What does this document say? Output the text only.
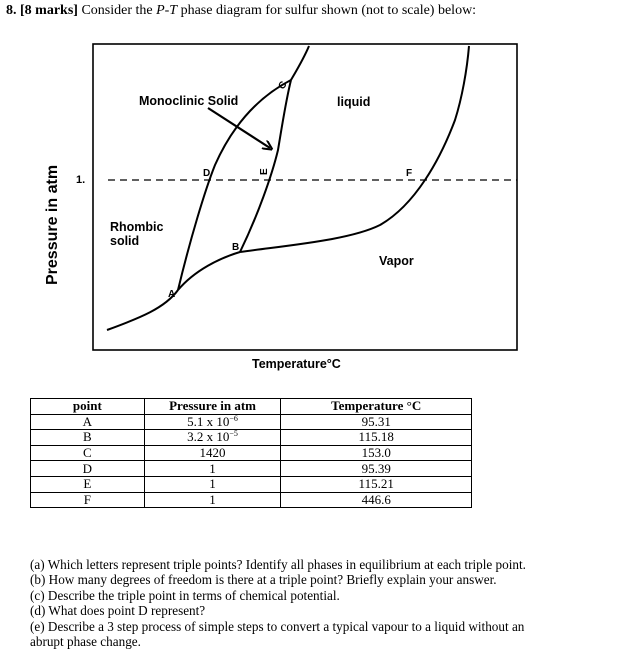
8. [8 marks] Consider the P-T phase diagram for sulfur shown (not to scale) below:
Monoclinic Solid	liquid
Rhombic
solid
Vapor
1.
C
D	E	F
B
A
Temperature°C
Pressure in atm
point	Pressure in atm	Temperature °C
A	5.1 x $10^{-6}$	95.31
B	3.2 x $10^{-5}$	115.18
C	1420	153.0
D	1	95.39
E	1	115.21
F	1	446.6
(a) Which letters represent triple points? Identify all phases in equilibrium at each triple point.
(b) How many degrees of freedom is there at a triple point? Briefly explain your answer.
(c) Describe the triple point in terms of chemical potential.
(d) What does point D represent?
(e) Describe a 3 step process of simple steps to convert a typical vapour to a liquid without an
abrupt phase change.
